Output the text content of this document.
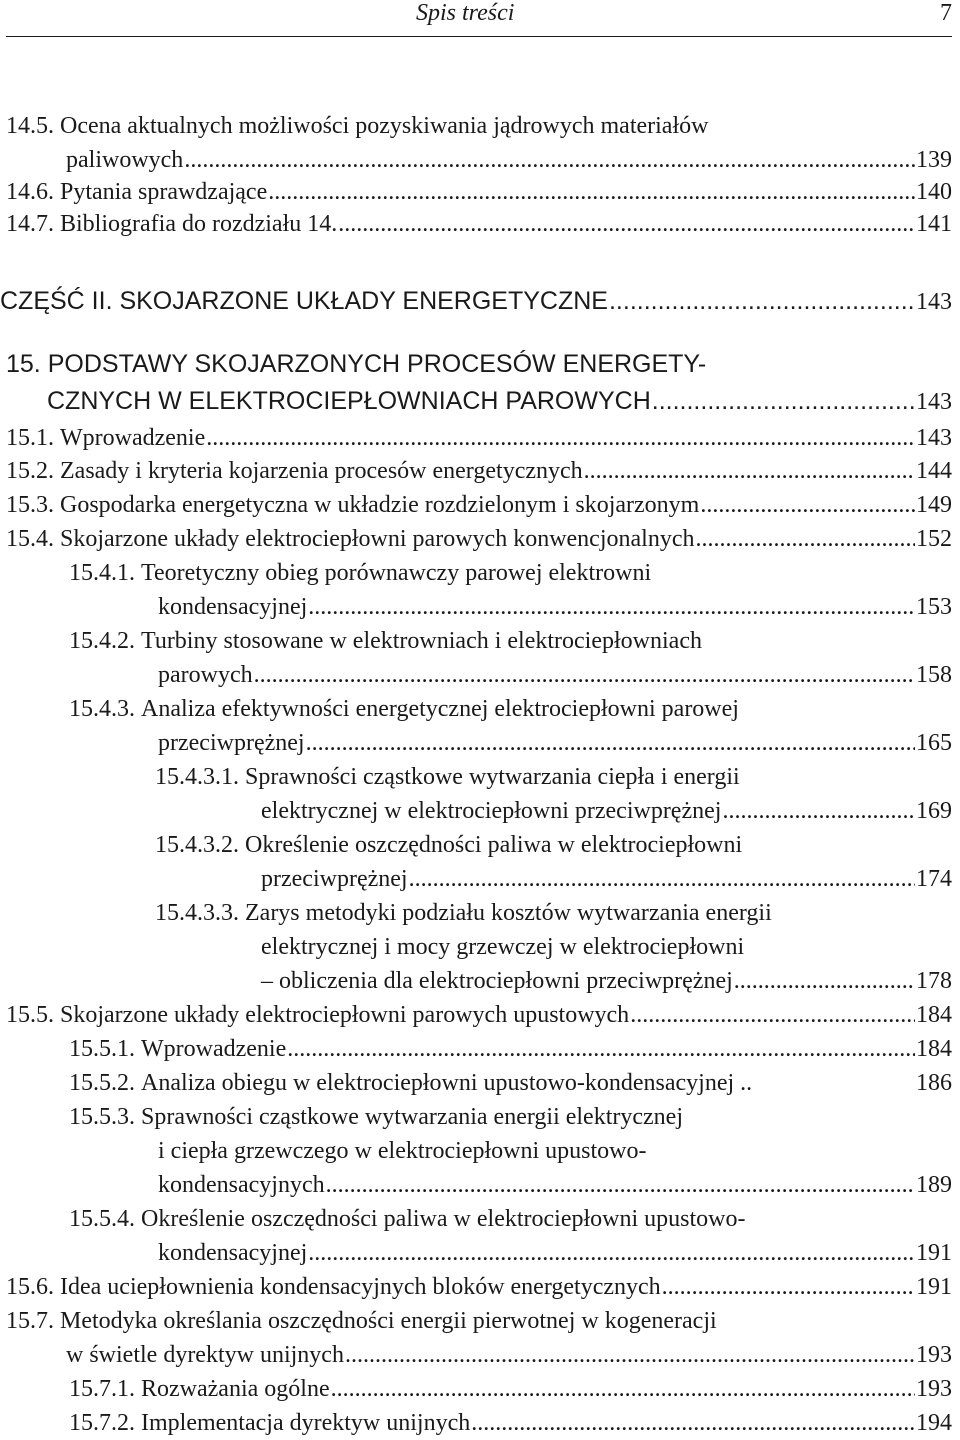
Spis treści	7
14.5.
Ocena aktualnych możliwości pozyskiwania jądrowych materiałów
paliwowych .....	139
14.6.
Pytania sprawdzające .....	140
14.7.
Bibliografia do rozdziału 14. .....	141
CZĘŚĆ II. SKOJARZONE UKŁADY ENERGETYCZNE .....	143
15.
PODSTAWY SKOJARZONYCH PROCESÓW ENERGETY-
CZNYCH W ELEKTROCIEPŁOWNIACH PAROWYCH .....	143
15.1.
Wprowadzenie .....	143
15.2.
Zasady i kryteria kojarzenia procesów energetycznych .....	144
15.3.
Gospodarka energetyczna w układzie rozdzielonym i skojarzonym .....	149
15.4.
Skojarzone układy elektrociepłowni parowych konwencjonalnych .....	152
15.4.1.
Teoretyczny obieg porównawczy parowej elektrowni
kondensacyjnej .....	153
15.4.2.
Turbiny stosowane w elektrowniach i elektrociepłowniach
parowych .....	158
15.4.3.
Analiza efektywności energetycznej elektrociepłowni parowej
przeciwprężnej .....	165
15.4.3.1.
Sprawności cząstkowe wytwarzania ciepła i energii
elektrycznej w elektrociepłowni przeciwprężnej .....	169
15.4.3.2.
Określenie oszczędności paliwa w elektrociepłowni
przeciwprężnej .....	174
15.4.3.3.
Zarys metodyki podziału kosztów wytwarzania energii
elektrycznej i mocy grzewczej w elektrociepłowni
– obliczenia dla elektrociepłowni przeciwprężnej .....	178
15.5.
Skojarzone układy elektrociepłowni parowych upustowych .....	184
15.5.1.
Wprowadzenie .....	184
15.5.2.
Analiza obiegu w elektrociepłowni upustowo-kondensacyjnej ..	186
15.5.3.
Sprawności cząstkowe wytwarzania energii elektrycznej
i ciepła grzewczego w elektrociepłowni upustowo-
kondensacyjnych .....	189
15.5.4.
Określenie oszczędności paliwa w elektrociepłowni upustowo-
kondensacyjnej .....	191
15.6.
Idea uciepłownienia kondensacyjnych bloków energetycznych .....	191
15.7.
Metodyka określania oszczędności energii pierwotnej w kogeneracji
w świetle dyrektyw unijnych .....	193
15.7.1.
Rozważania ogólne .....	193
15.7.2.
Implementacja dyrektyw unijnych .....	194
